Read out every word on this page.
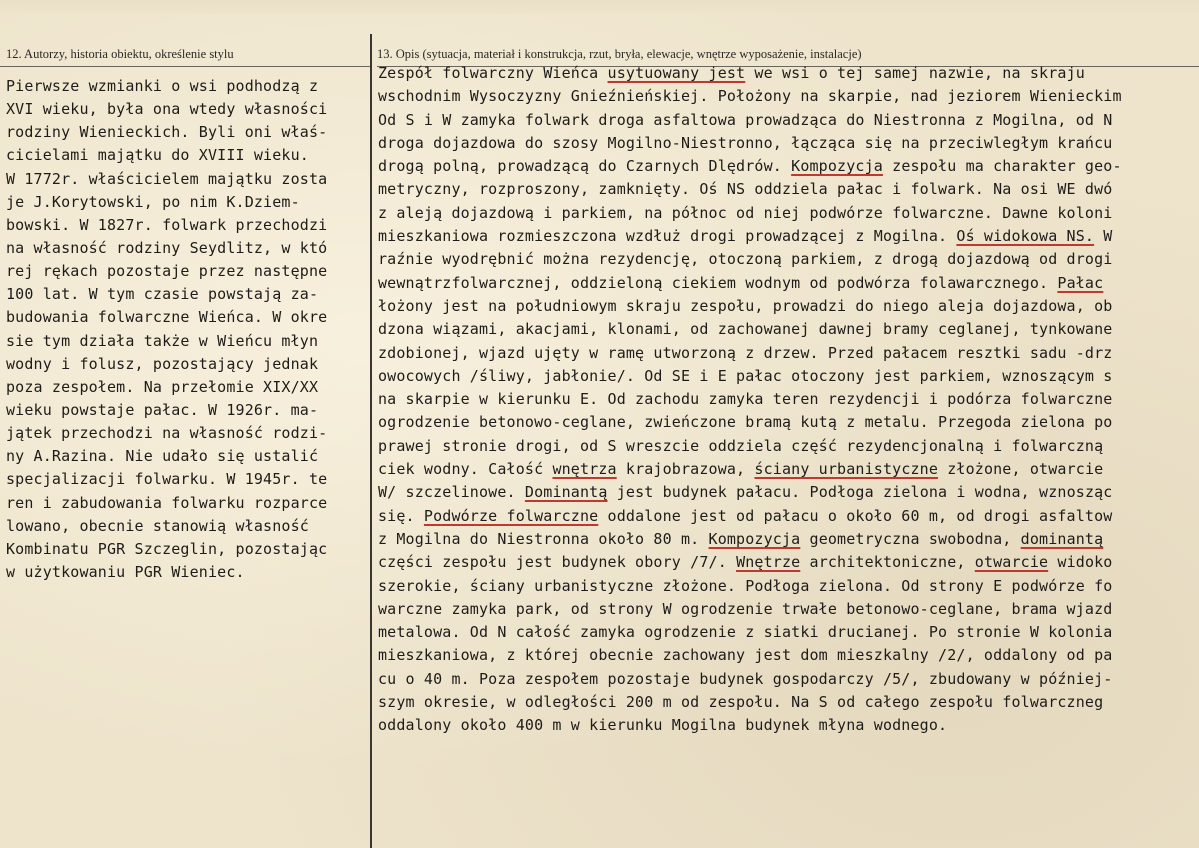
12. Autorzy, historia obiektu, określenie stylu	13. Opis (sytuacja, materiał i konstrukcja, rzut, bryła, elewacje, wnętrze wyposażenie, instalacje)
Pierwsze wzmianki o wsi podhodzą z
XVI wieku, była ona wtedy własności
rodziny Wienieckich. Byli oni właś-
cicielami majątku do XVIII wieku.
W 1772r. właścicielem majątku zosta
je J.Korytowski, po nim K.Dziem-
bowski. W 1827r. folwark przechodzi
na własność rodziny Seydlitz, w któ
rej rękach pozostaje przez następne
100 lat. W tym czasie powstają za-
budowania folwarczne Wieńca. W okre
sie tym działa także w Wieńcu młyn
wodny i folusz, pozostający jednak
poza zespołem. Na przełomie XIX/XX
wieku powstaje pałac. W 1926r. ma-
jątek przechodzi na własność rodzi-
ny A.Razina. Nie udało się ustalić
specjalizacji folwarku. W 1945r. te
ren i zabudowania folwarku rozparce
lowano, obecnie stanowią własność
Kombinatu PGR Szczeglin, pozostając
w użytkowaniu PGR Wieniec.
Zespół folwarczny Wieńca usytuowany jest we wsi o tej samej nazwie, na skraju
wschodnim Wysoczyzny Gnieźnieńskiej. Położony na skarpie, nad jeziorem Wienieckim
Od S i W zamyka folwark droga asfaltowa prowadząca do Niestronna z Mogilna, od N
droga dojazdowa do szosy Mogilno-Niestronno, łącząca się na przeciwległym krańcu
drogą polną, prowadzącą do Czarnych Dlędrów. Kompozycja zespołu ma charakter geo-
metryczny, rozproszony, zamknięty. Oś NS oddziela pałac i folwark. Na osi WE dwó
z aleją dojazdową i parkiem, na północ od niej podwórze folwarczne. Dawne koloni
mieszkaniowa rozmieszczona wzdłuż drogi prowadzącej z Mogilna. Oś widokowa NS. W
raźnie wyodrębnić można rezydencję, otoczoną parkiem, z drogą dojazdową od drogi
wewnątrzfolwarcznej, oddzieloną ciekiem wodnym od podwórza folawarcznego. Pałac
łożony jest na południowym skraju zespołu, prowadzi do niego aleja dojazdowa, ob
dzona wiązami, akacjami, klonami, od zachowanej dawnej bramy ceglanej, tynkowane
zdobionej, wjazd ujęty w ramę utworzoną z drzew. Przed pałacem resztki sadu -drz
owocowych /śliwy, jabłonie/. Od SE i E pałac otoczony jest parkiem, wznoszącym s
na skarpie w kierunku E. Od zachodu zamyka teren rezydencji i podórza folwarczne
ogrodzenie betonowo-ceglane, zwieńczone bramą kutą z metalu. Przegoda zielona po
prawej stronie drogi, od S wreszcie oddziela część rezydencjonalną i folwarczną
ciek wodny. Całość wnętrza krajobrazowa, ściany urbanistyczne złożone, otwarcie
W/ szczelinowe. Dominantą jest budynek pałacu. Podłoga zielona i wodna, wznosząc
się. Podwórze folwarczne oddalone jest od pałacu o około 60 m, od drogi asfaltow
z Mogilna do Niestronna około 80 m. Kompozycja geometryczna swobodna, dominantą
części zespołu jest budynek obory /7/. Wnętrze architektoniczne, otwarcie widoko
szerokie, ściany urbanistyczne złożone. Podłoga zielona. Od strony E podwórze fo
warczne zamyka park, od strony W ogrodzenie trwałe betonowo-ceglane, brama wjazd
metalowa. Od N całość zamyka ogrodzenie z siatki drucianej. Po stronie W kolonia
mieszkaniowa, z której obecnie zachowany jest dom mieszkalny /2/, oddalony od pa
cu o 40 m. Poza zespołem pozostaje budynek gospodarczy /5/, zbudowany w później-
szym okresie, w odległości 200 m od zespołu. Na S od całego zespołu folwarczneg
oddalony około 400 m w kierunku Mogilna budynek młyna wodnego.
